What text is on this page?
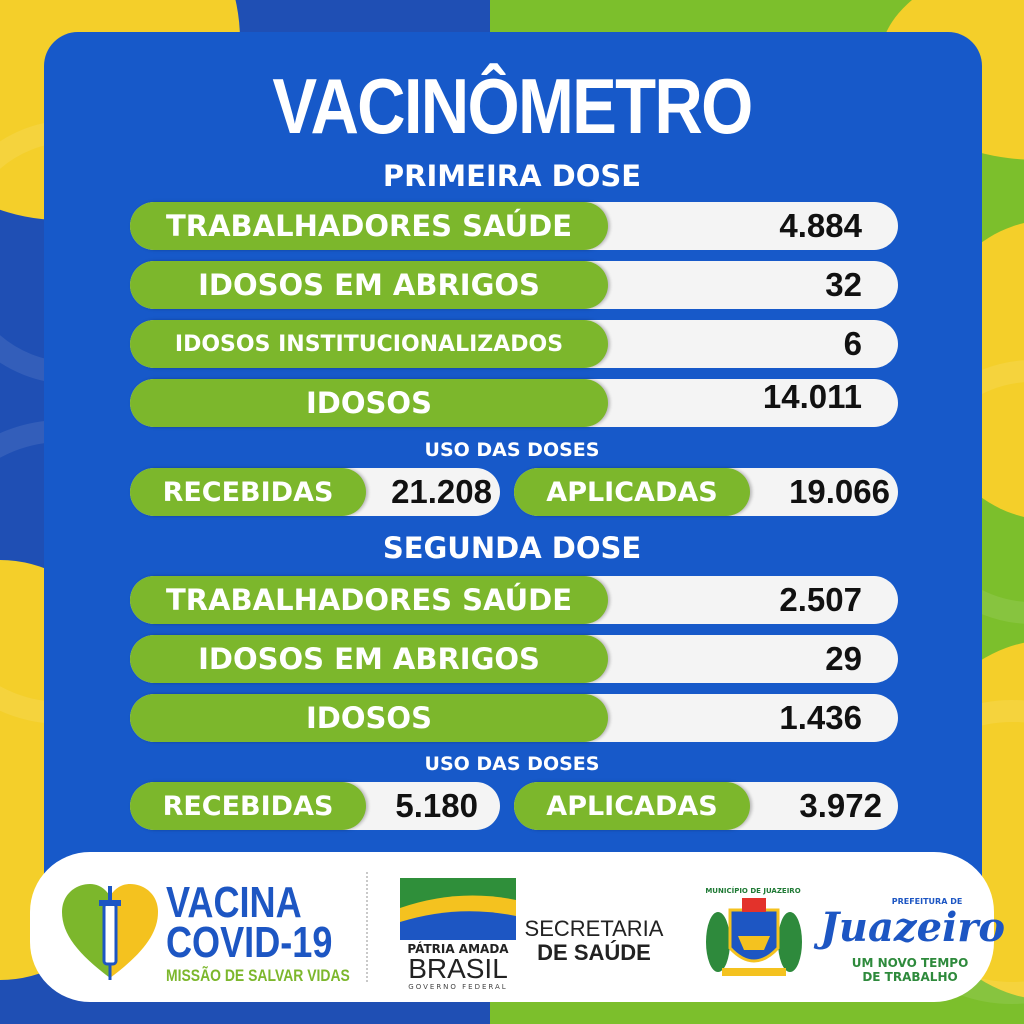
VACINÔMETRO
PRIMEIRA DOSE
TRABALHADORES SAÚDE	4.884
IDOSOS EM ABRIGOS	32
IDOSOS INSTITUCIONALIZADOS	6
IDOSOS	14.011
USO DAS DOSES
RECEBIDAS	21.208	APLICADAS	19.066
SEGUNDA DOSE
TRABALHADORES SAÚDE	2.507
IDOSOS EM ABRIGOS	29
IDOSOS	1.436
USO DAS DOSES
RECEBIDAS	5.180	APLICADAS	3.972
VACINA
COVID-19
MISSÃO DE SALVAR VIDAS
PÁTRIA AMADA
BRASIL
GOVERNO FEDERAL
SECRETARIA
DE SAÚDE
MUNICÍPIO DE JUAZEIRO
PREFEITURA DE
Juazeiro
UM NOVO TEMPO
DE TRABALHO
